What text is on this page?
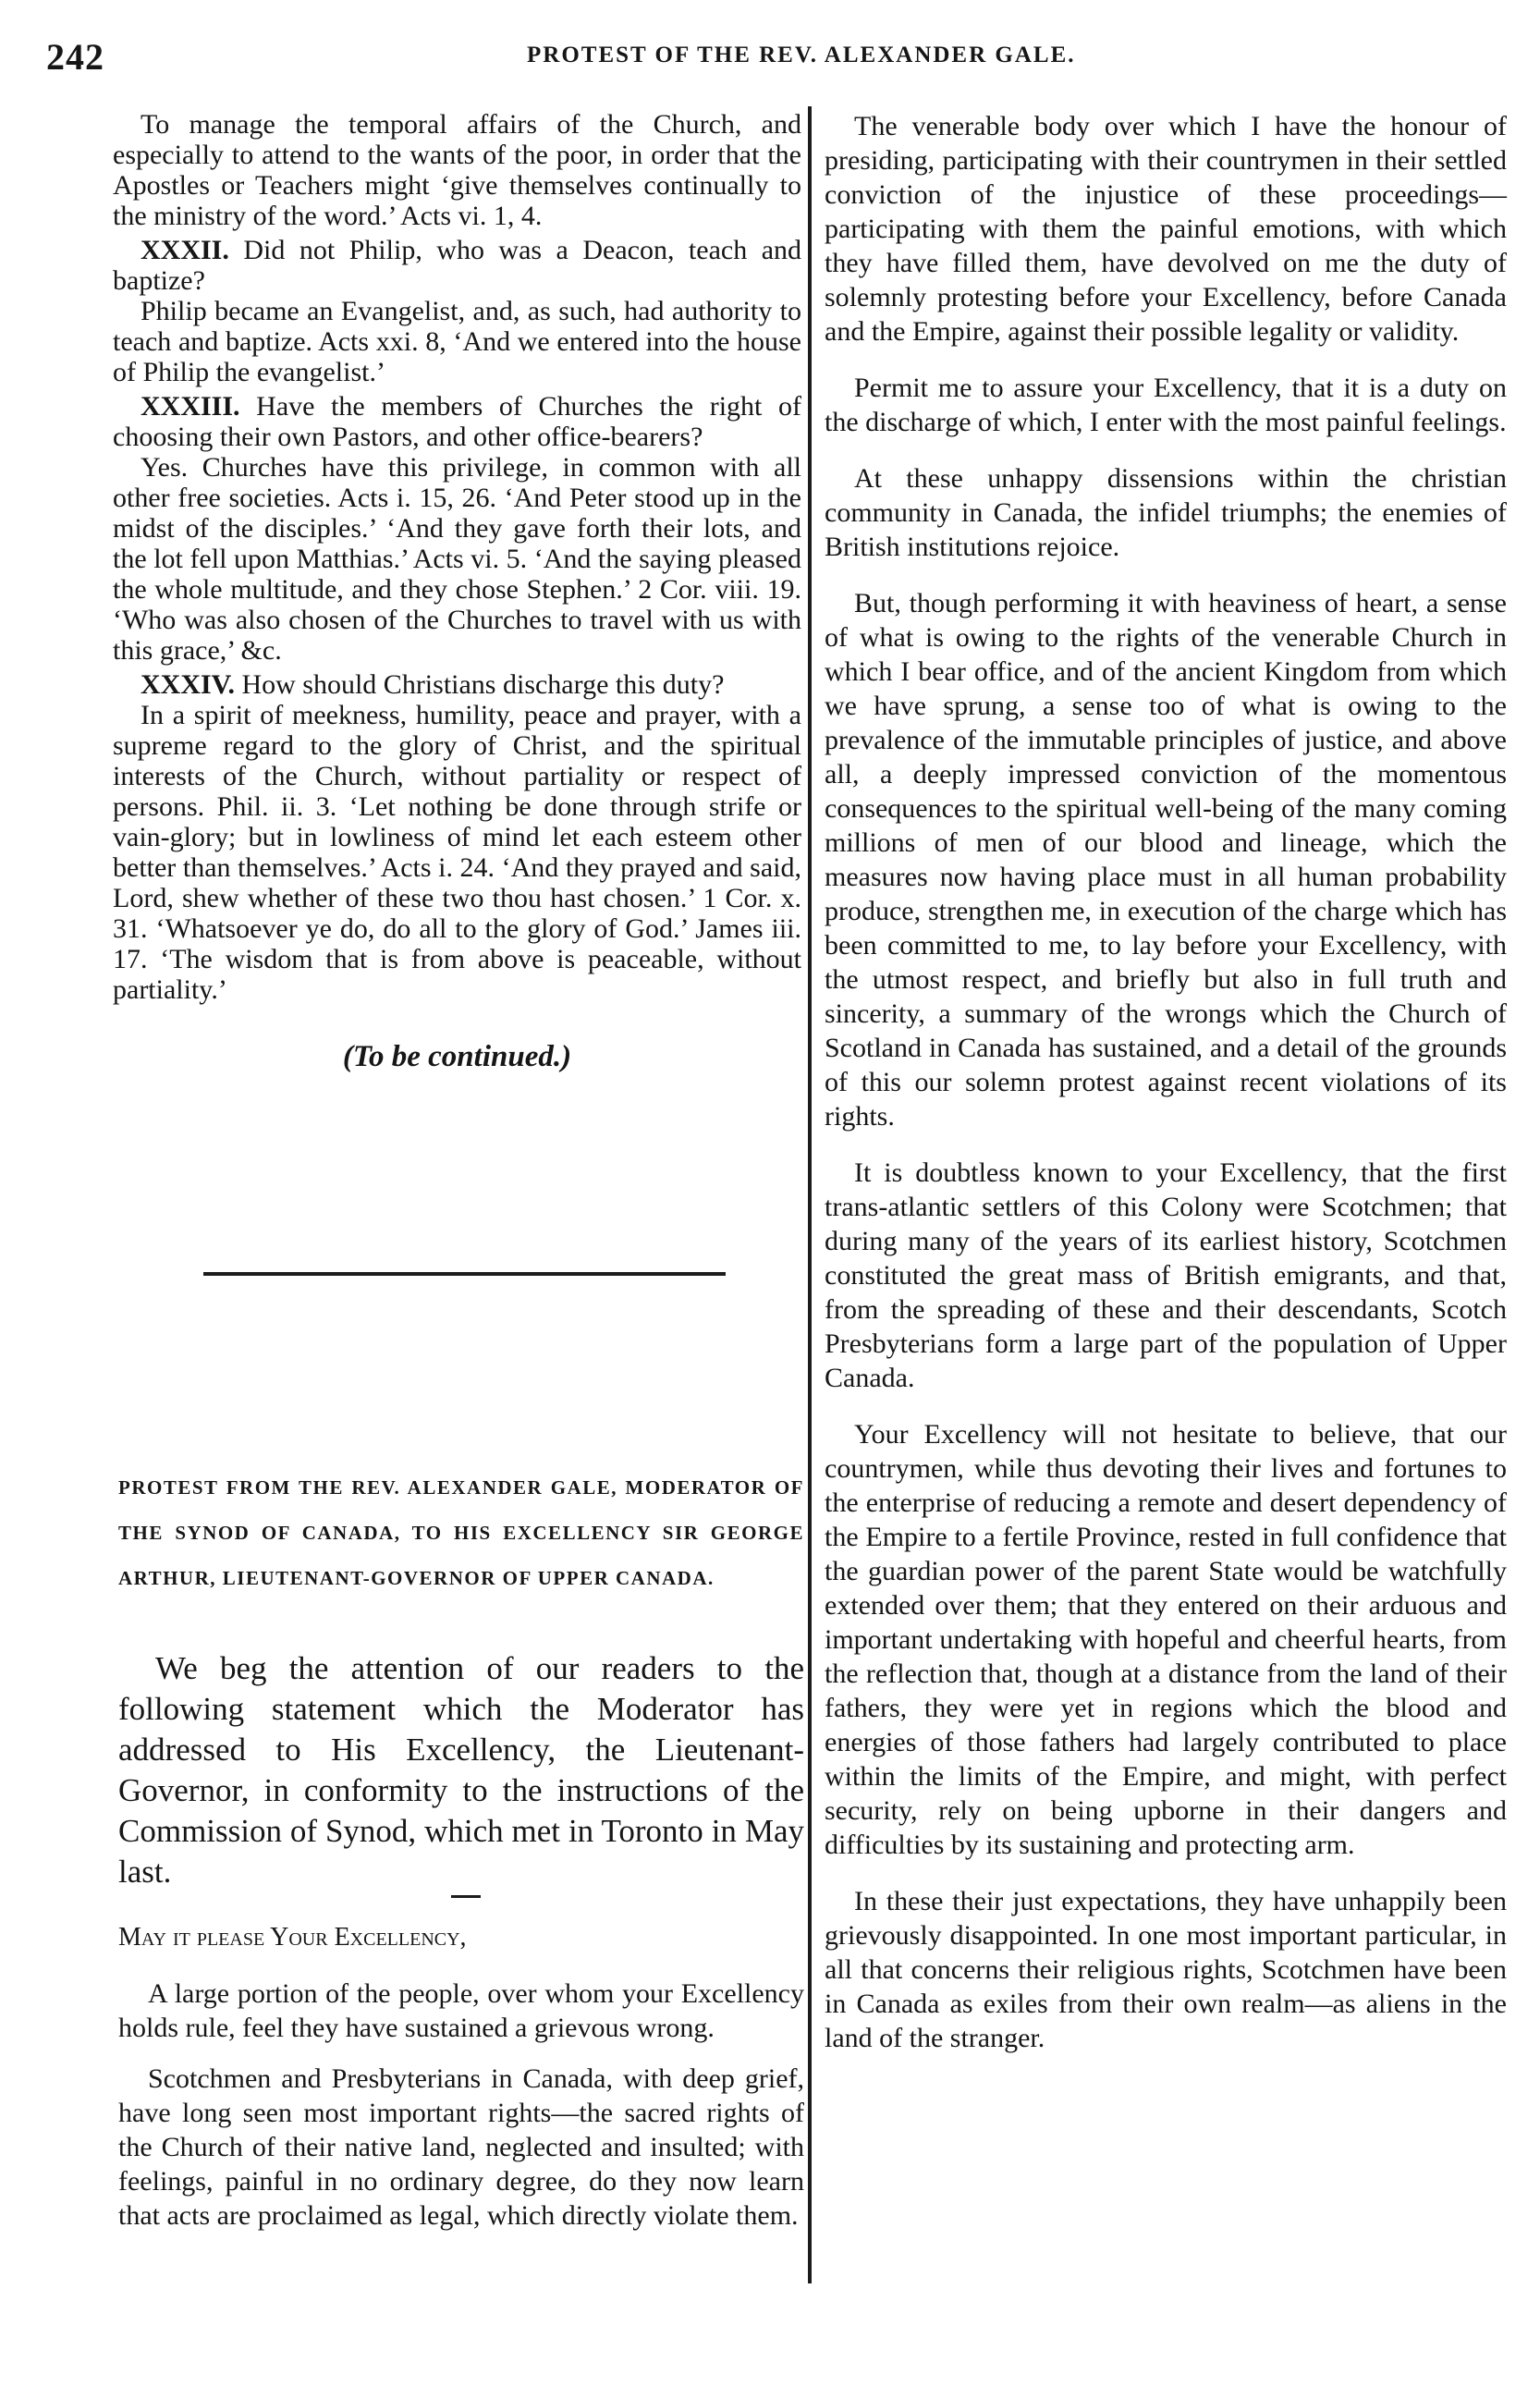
242	PROTEST OF THE REV. ALEXANDER GALE.

To manage the temporal affairs of the Church, and especially to attend to the wants of the poor, in order that the Apostles or Teachers might ‘give themselves continually to the ministry of the word.’ Acts vi. 1, 4.

XXXII. Did not Philip, who was a Deacon, teach and baptize?

Philip became an Evangelist, and, as such, had authority to teach and baptize. Acts xxi. 8, ‘And we entered into the house of Philip the evangelist.’

XXXIII. Have the members of Churches the right of choosing their own Pastors, and other office-bearers?

Yes. Churches have this privilege, in common with all other free societies. Acts i. 15, 26. ‘And Peter stood up in the midst of the disciples.’ ‘And they gave forth their lots, and the lot fell upon Matthias.’ Acts vi. 5. ‘And the saying pleased the whole multitude, and they chose Stephen.’ 2 Cor. viii. 19. ‘Who was also chosen of the Churches to travel with us with this grace,’ &c.

XXXIV. How should Christians discharge this duty?

In a spirit of meekness, humility, peace and prayer, with a supreme regard to the glory of Christ, and the spiritual interests of the Church, without partiality or respect of persons. Phil. ii. 3. ‘Let nothing be done through strife or vain-glory; but in lowliness of mind let each esteem other better than themselves.’ Acts i. 24. ‘And they prayed and said, Lord, shew whether of these two thou hast chosen.’ 1 Cor. x. 31. ‘Whatsoever ye do, do all to the glory of God.’ James iii. 17. ‘The wisdom that is from above is peaceable, without partiality.’

(To be continued.)

PROTEST FROM THE REV. ALEXANDER GALE, MODERATOR OF THE SYNOD OF CANADA, TO HIS EXCELLENCY SIR GEORGE ARTHUR, LIEUTENANT-GOVERNOR OF UPPER CANADA.

We beg the attention of our readers to the following statement which the Moderator has addressed to His Excellency, the Lieutenant-Governor, in conformity to the instructions of the Commission of Synod, which met in Toronto in May last.

May it please Your Excellency,

A large portion of the people, over whom your Excellency holds rule, feel they have sustained a grievous wrong.

Scotchmen and Presbyterians in Canada, with deep grief, have long seen most important rights—the sacred rights of the Church of their native land, neglected and insulted; with feelings, painful in no ordinary degree, do they now learn that acts are proclaimed as legal, which directly violate them.

The venerable body over which I have the honour of presiding, participating with their countrymen in their settled conviction of the injustice of these proceedings—participating with them the painful emotions, with which they have filled them, have devolved on me the duty of solemnly protesting before your Excellency, before Canada and the Empire, against their possible legality or validity.

Permit me to assure your Excellency, that it is a duty on the discharge of which, I enter with the most painful feelings.

At these unhappy dissensions within the christian community in Canada, the infidel triumphs; the enemies of British institutions rejoice.

But, though performing it with heaviness of heart, a sense of what is owing to the rights of the venerable Church in which I bear office, and of the ancient Kingdom from which we have sprung, a sense too of what is owing to the prevalence of the immutable principles of justice, and above all, a deeply impressed conviction of the momentous consequences to the spiritual well-being of the many coming millions of men of our blood and lineage, which the measures now having place must in all human probability produce, strengthen me, in execution of the charge which has been committed to me, to lay before your Excellency, with the utmost respect, and briefly but also in full truth and sincerity, a summary of the wrongs which the Church of Scotland in Canada has sustained, and a detail of the grounds of this our solemn protest against recent violations of its rights.

It is doubtless known to your Excellency, that the first trans-atlantic settlers of this Colony were Scotchmen; that during many of the years of its earliest history, Scotchmen constituted the great mass of British emigrants, and that, from the spreading of these and their descendants, Scotch Presbyterians form a large part of the population of Upper Canada.

Your Excellency will not hesitate to believe, that our countrymen, while thus devoting their lives and fortunes to the enterprise of reducing a remote and desert dependency of the Empire to a fertile Province, rested in full confidence that the guardian power of the parent State would be watchfully extended over them; that they entered on their arduous and important undertaking with hopeful and cheerful hearts, from the reflection that, though at a distance from the land of their fathers, they were yet in regions which the blood and energies of those fathers had largely contributed to place within the limits of the Empire, and might, with perfect security, rely on being upborne in their dangers and difficulties by its sustaining and protecting arm.

In these their just expectations, they have unhappily been grievously disappointed. In one most important particular, in all that concerns their religious rights, Scotchmen have been in Canada as exiles from their own realm—as aliens in the land of the stranger.
